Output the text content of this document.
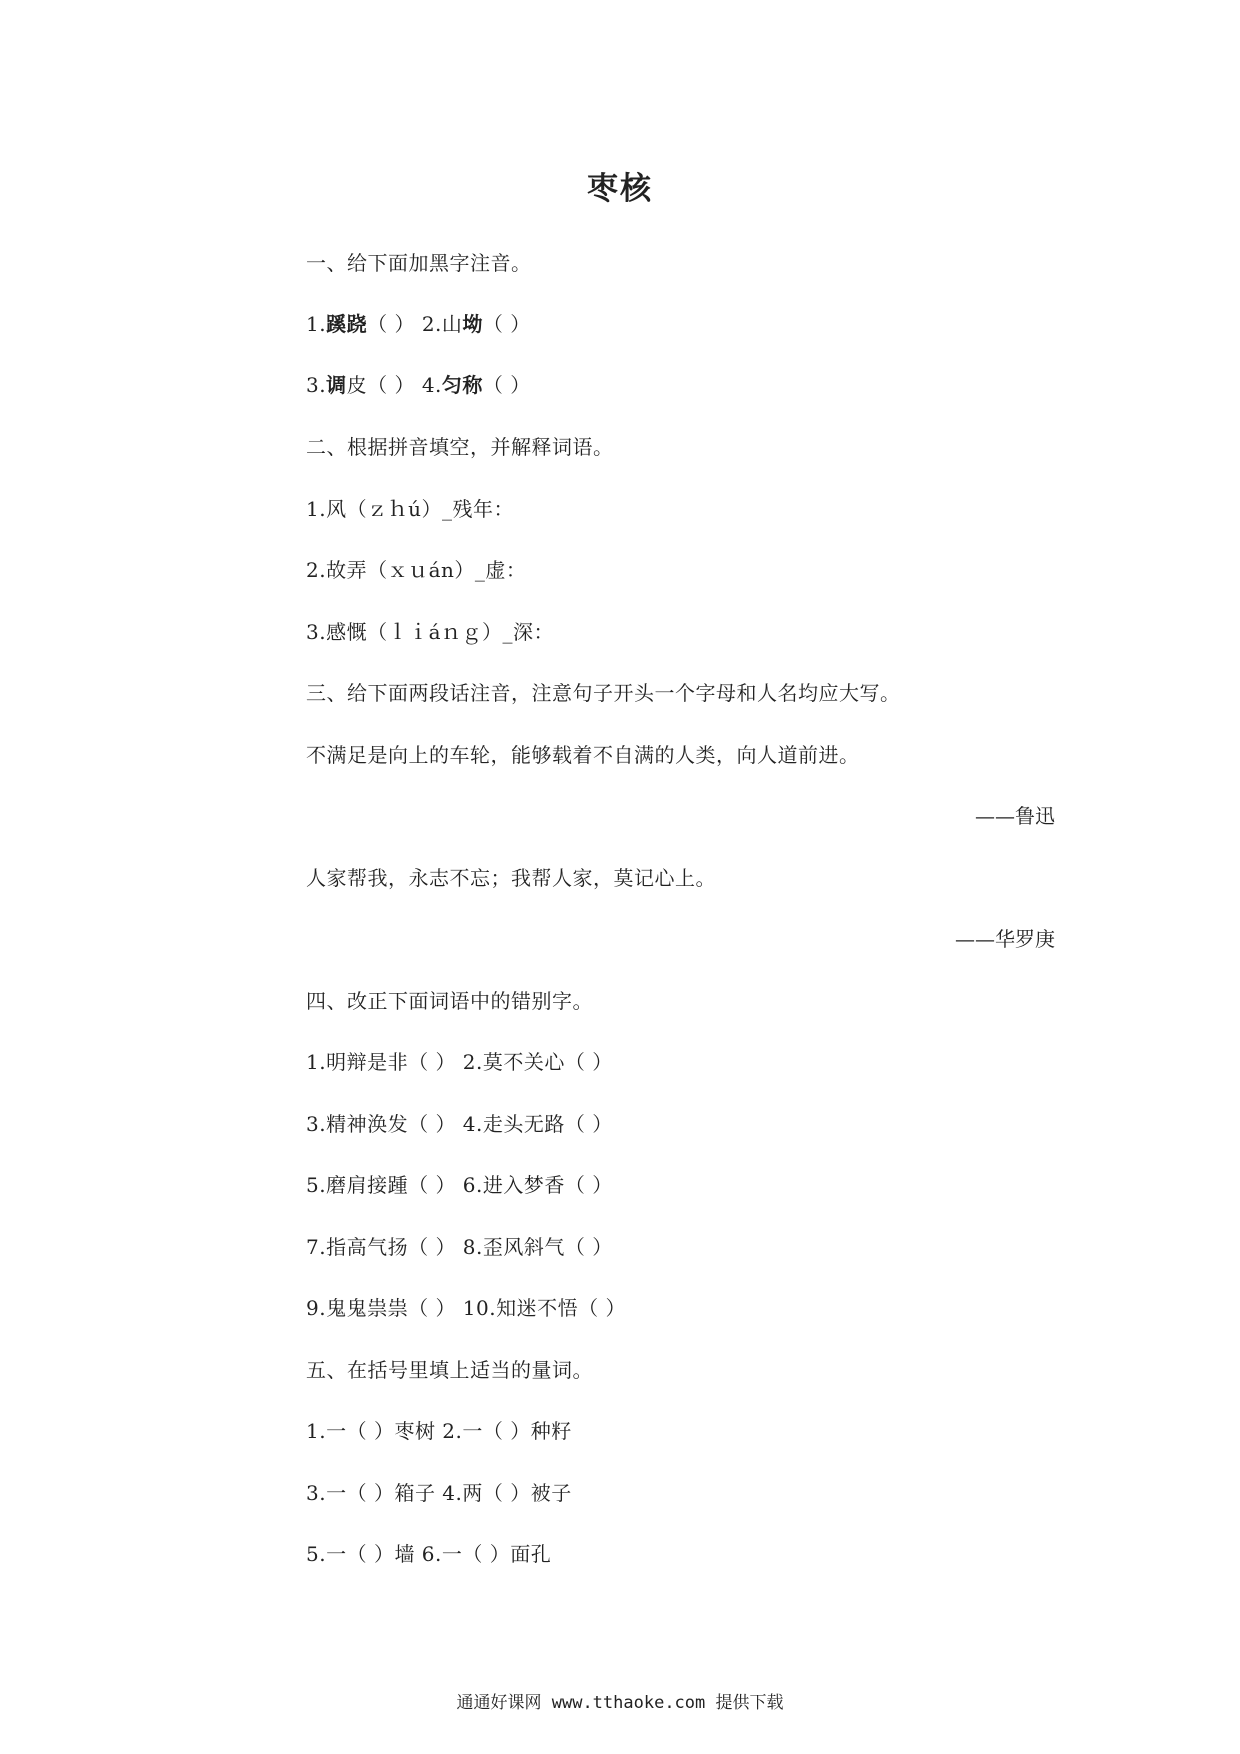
枣核
一、给下面加黑字注音。
1.蹊跷（ ） 2.山坳（ ）
3.调皮（ ） 4.匀称（ ）
二、根据拼音填空，并解释词语。
1.风（ｚｈú）_残年：
2.故弄（ｘｕán）_虚：
3.感慨（ｌｉáｎｇ）_深：
三、给下面两段话注音，注意句子开头一个字母和人名均应大写。
不满足是向上的车轮，能够载着不自满的人类，向人道前进。
——鲁迅
人家帮我，永志不忘；我帮人家，莫记心上。
——华罗庚
四、改正下面词语中的错别字。
1.明辩是非（ ） 2.莫不关心（ ）
3.精神涣发（ ） 4.走头无路（ ）
5.磨肩接踵（ ） 6.进入梦香（ ）
7.指高气扬（ ） 8.歪风斜气（ ）
9.鬼鬼祟祟（ ） 10.知迷不悟（ ）
五、在括号里填上适当的量词。
1.一（ ）枣树 2.一（ ）种籽
3.一（ ）箱子 4.两（ ）被子
5.一（ ）墙 6.一（ ）面孔
通通好课网 www.tthaoke.com 提供下载
